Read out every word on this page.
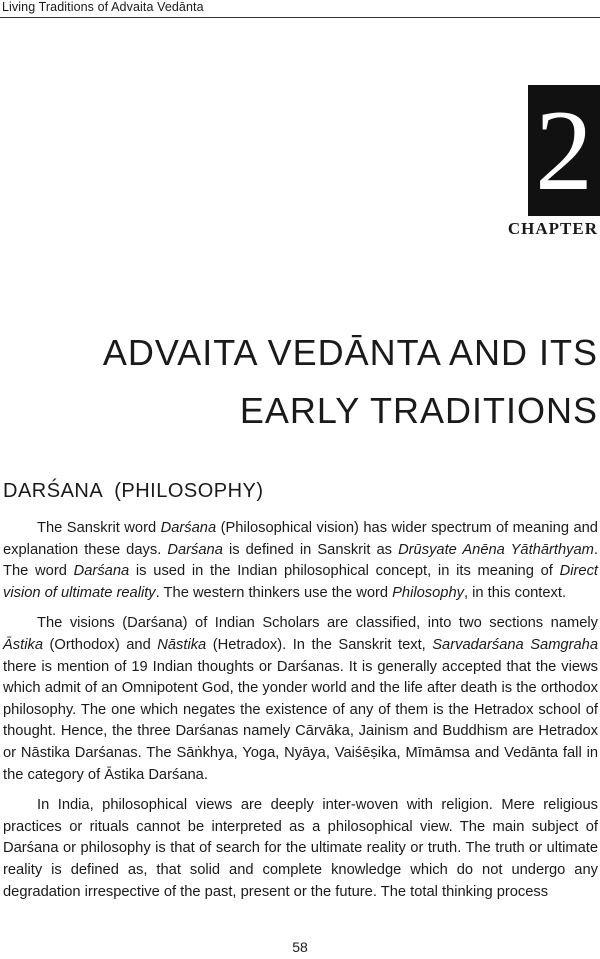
Living Traditions of Advaita Vedānta
2
CHAPTER
ADVAITA VEDĀNTA AND ITS
EARLY TRADITIONS
DARŚANA  (PHILOSOPHY)

The Sanskrit word Darśana (Philosophical vision) has wider spectrum of meaning and explanation these days. Darśana is defined in Sanskrit as Drūsyate Anēna Yāthārthyam. The word Darśana is used in the Indian philosophical concept, in its meaning of Direct vision of ultimate reality. The western thinkers use the word Philosophy, in this context.

The visions (Darśana) of Indian Scholars are classified, into two sections namely Āstika (Orthodox) and Nāstika (Hetradox). In the Sanskrit text, Sarvadarśana Samgraha there is mention of 19 Indian thoughts or Darśanas. It is generally accepted that the views which admit of an Omnipotent God, the yonder world and the life after death is the orthodox philosophy. The one which negates the existence of any of them is the Hetradox school of thought. Hence, the three Darśanas namely Cārvāka, Jainism and Buddhism are Hetradox or Nāstika Darśanas. The Sāṅkhya, Yoga, Nyāya, Vaiśēṣika, Mīmāmsa and Vedānta fall in the category of Āstika Darśana.

In India, philosophical views are deeply inter-woven with religion. Mere religious practices or rituals cannot be interpreted as a philosophical view. The main subject of Darśana or philosophy is that of search for the ultimate reality or truth. The truth or ultimate reality is defined as, that solid and complete knowledge which do not undergo any degradation irrespective of the past, present or the future. The total thinking process

58
